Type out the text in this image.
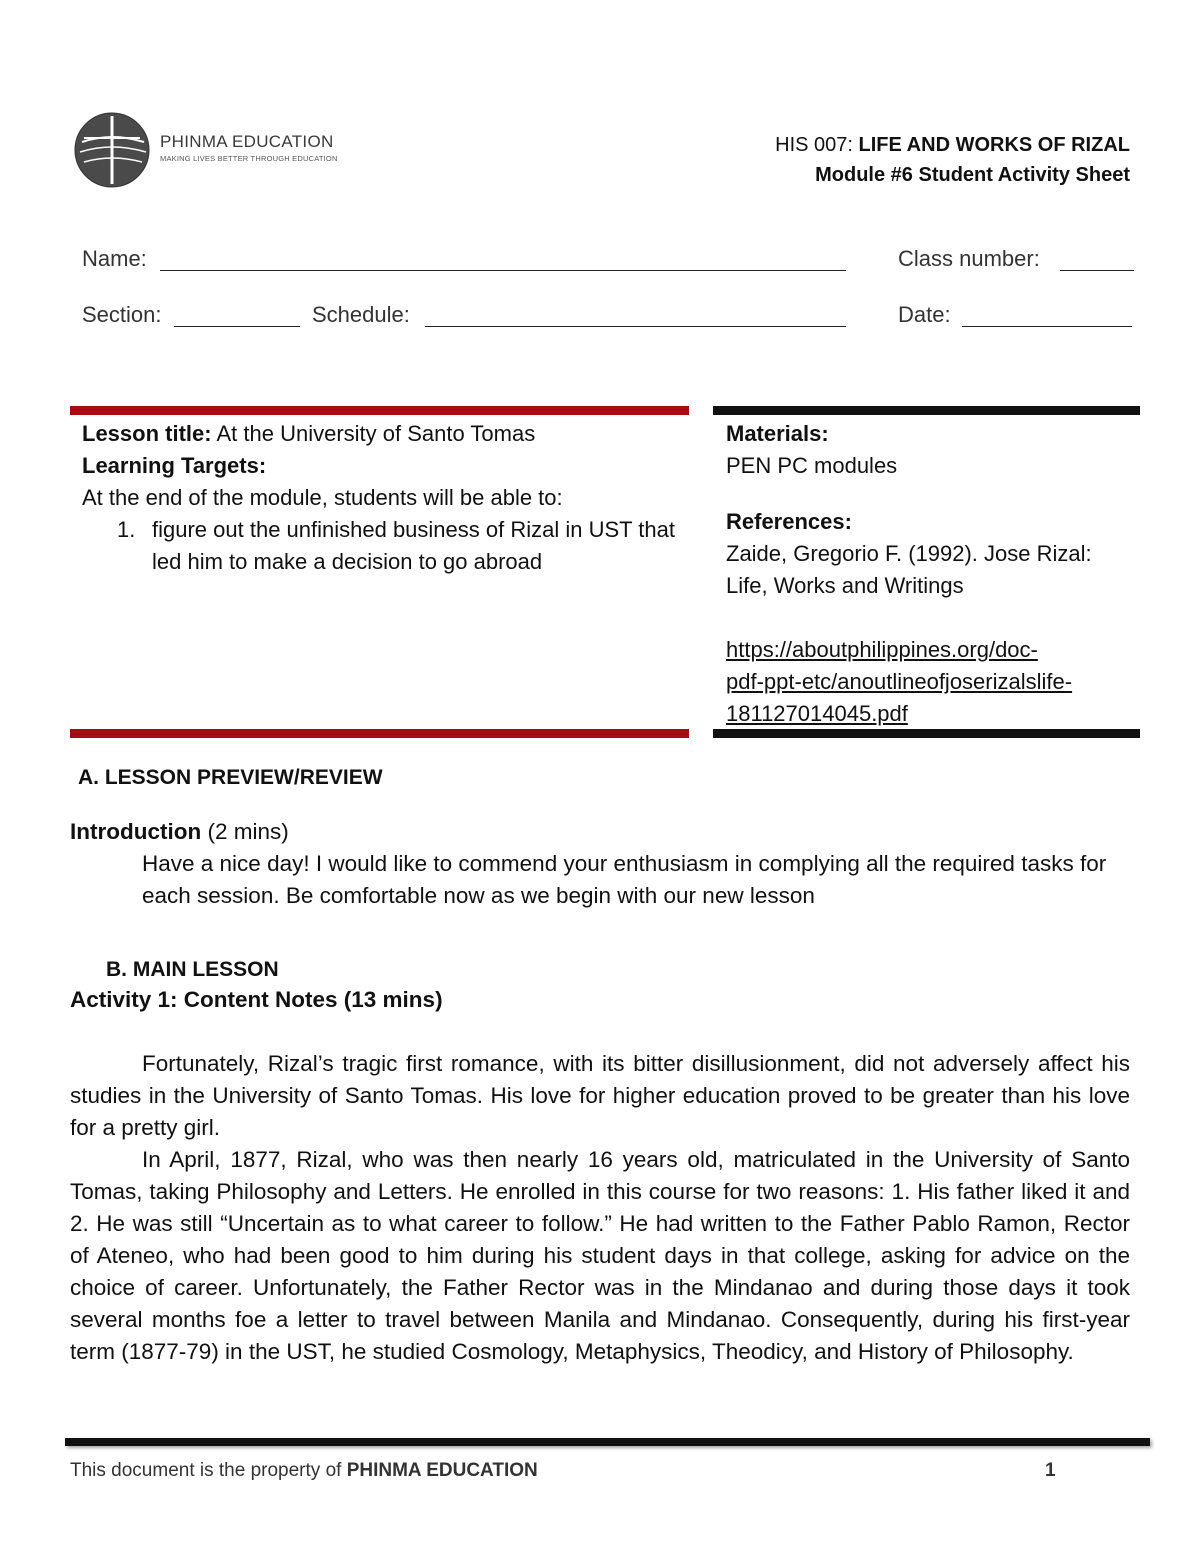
PHINMA EDUCATION
MAKING LIVES BETTER THROUGH EDUCATION
HIS 007: LIFE AND WORKS OF RIZAL
Module #6 Student Activity Sheet
Name:	Class number:
Section:	Schedule:	Date:
Lesson title: At the University of Santo Tomas
Learning Targets:
At the end of the module, students will be able to:
1. figure out the unfinished business of Rizal in UST that led him to make a decision to go abroad
Materials:
PEN PC modules
References:
Zaide, Gregorio F. (1992). Jose Rizal: Life, Works and Writings
https://aboutphilippines.org/doc-
pdf-ppt-etc/anoutlineofjoserizalslife-
181127014045.pdf
A. LESSON PREVIEW/REVIEW
Introduction (2 mins)
Have a nice day! I would like to commend your enthusiasm in complying all the required tasks for each session. Be comfortable now as we begin with our new lesson
B. MAIN LESSON
Activity 1: Content Notes (13 mins)
Fortunately, Rizal’s tragic first romance, with its bitter disillusionment, did not adversely affect his studies in the University of Santo Tomas. His love for higher education proved to be greater than his love for a pretty girl.
In April, 1877, Rizal, who was then nearly 16 years old, matriculated in the University of Santo Tomas, taking Philosophy and Letters. He enrolled in this course for two reasons: 1. His father liked it and 2. He was still “Uncertain as to what career to follow.” He had written to the Father Pablo Ramon, Rector of Ateneo, who had been good to him during his student days in that college, asking for advice on the choice of career. Unfortunately, the Father Rector was in the Mindanao and during those days it took several months foe a letter to travel between Manila and Mindanao. Consequently, during his first-year term (1877-79) in the UST, he studied Cosmology, Metaphysics, Theodicy, and History of Philosophy.
This document is the property of PHINMA EDUCATION	1
